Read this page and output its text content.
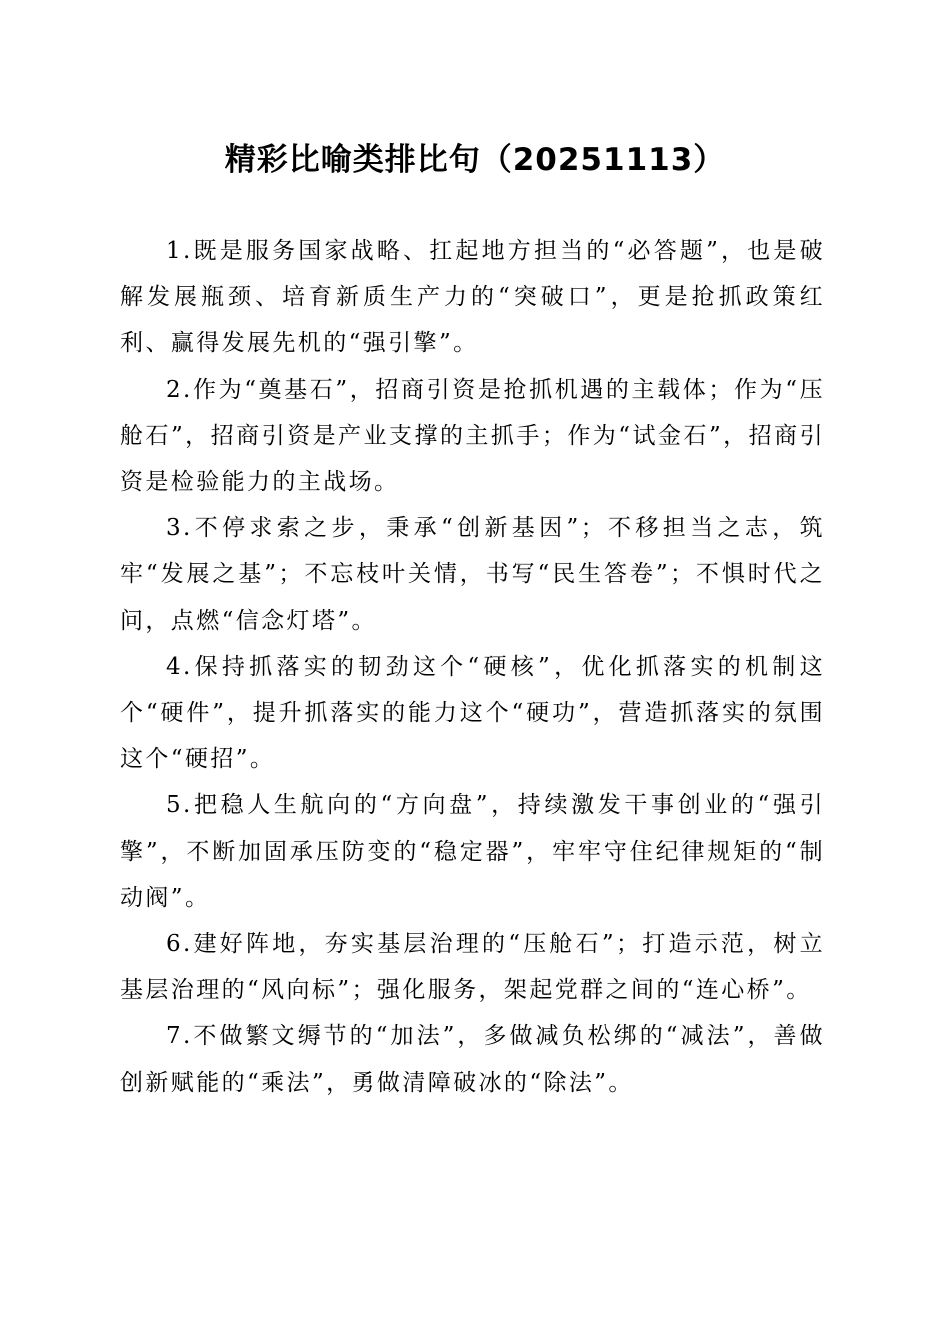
精彩比喻类排比句（20251113）

1.既是服务国家战略、扛起地方担当的“必答题”，也是破解发展瓶颈、培育新质生产力的“突破口”，更是抢抓政策红利、赢得发展先机的“强引擎”。

2.作为“奠基石”，招商引资是抢抓机遇的主载体；作为“压舱石”，招商引资是产业支撑的主抓手；作为“试金石”，招商引资是检验能力的主战场。

3.不停求索之步，秉承“创新基因”；不移担当之志，筑牢“发展之基”；不忘枝叶关情，书写“民生答卷”；不惧时代之问，点燃“信念灯塔”。

4.保持抓落实的韧劲这个“硬核”，优化抓落实的机制这个“硬件”，提升抓落实的能力这个“硬功”，营造抓落实的氛围这个“硬招”。

5.把稳人生航向的“方向盘”，持续激发干事创业的“强引擎”，不断加固承压防变的“稳定器”，牢牢守住纪律规矩的“制动阀”。

6.建好阵地，夯实基层治理的“压舱石”；打造示范，树立基层治理的“风向标”；强化服务，架起党群之间的“连心桥”。

7.不做繁文缛节的“加法”，多做减负松绑的“减法”，善做创新赋能的“乘法”，勇做清障破冰的“除法”。
